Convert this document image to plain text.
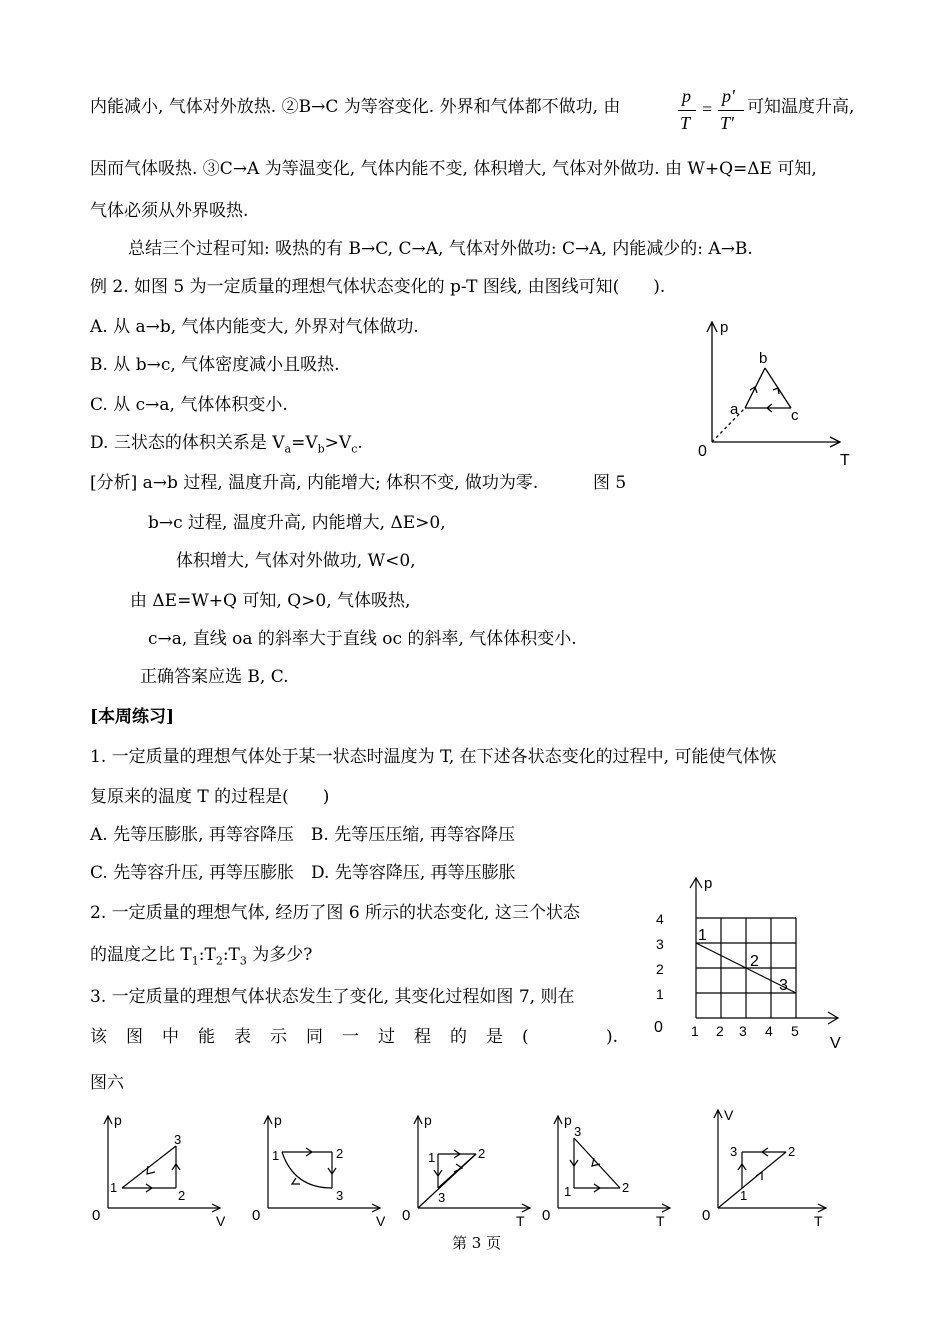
内能减小, 气体对外放热. ②B→C 为等容变化. 外界和气体都不做功, 由
p
T
=
p'
T'
可知温度升高,
因而气体吸热. ③C→A 为等温变化, 气体内能不变, 体积增大, 气体对外做功. 由 W+Q=ΔE 可知,
气体必须从外界吸热.
总结三个过程可知: 吸热的有 B→C, C→A, 气体对外做功: C→A, 内能减少的: A→B.
例 2. 如图 5 为一定质量的理想气体状态变化的 p-T 图线, 由图线可知(　　).
A. 从 a→b, 气体内能变大, 外界对气体做功.
B. 从 b→c, 气体密度减小且吸热.
C. 从 c→a, 气体体积变小.
D. 三状态的体积关系是 $V_a=V_b>V_c$.
[分析] a→b 过程, 温度升高, 内能增大; 体积不变, 做功为零.	图 5
b→c 过程, 温度升高, 内能增大, ΔE>0,
体积增大, 气体对外做功, W<0,
由 ΔE=W+Q 可知, Q>0, 气体吸热,
c→a, 直线 oa 的斜率大于直线 oc 的斜率, 气体体积变小.
正确答案应选 B, C.
p
T
0
a
b
c
[本周练习]
1. 一定质量的理想气体处于某一状态时温度为 T, 在下述各状态变化的过程中, 可能使气体恢
复原来的温度 T 的过程是(　　)
A. 先等压膨胀, 再等容降压　B. 先等压压缩, 再等容降压
C. 先等容升压, 再等压膨胀　D. 先等容降压, 再等压膨胀
2. 一定质量的理想气体, 经历了图 6 所示的状态变化, 这三个状态
的温度之比 $T_1:T_2:T_3$ 为多少?
3. 一定质量的理想气体状态发生了变化, 其变化过程如图 7, 则在
该图中能表示同一过程的是(	).
图六
p
V
0
4
3
2
1
1 2 3 4 5
1
2
3
p
V
0
1
2
3
p
V
0
1	2
3
p
T
0
1	2
3
p
T
0
3
1	2
V
T
0
3	2
1
第 3 页
